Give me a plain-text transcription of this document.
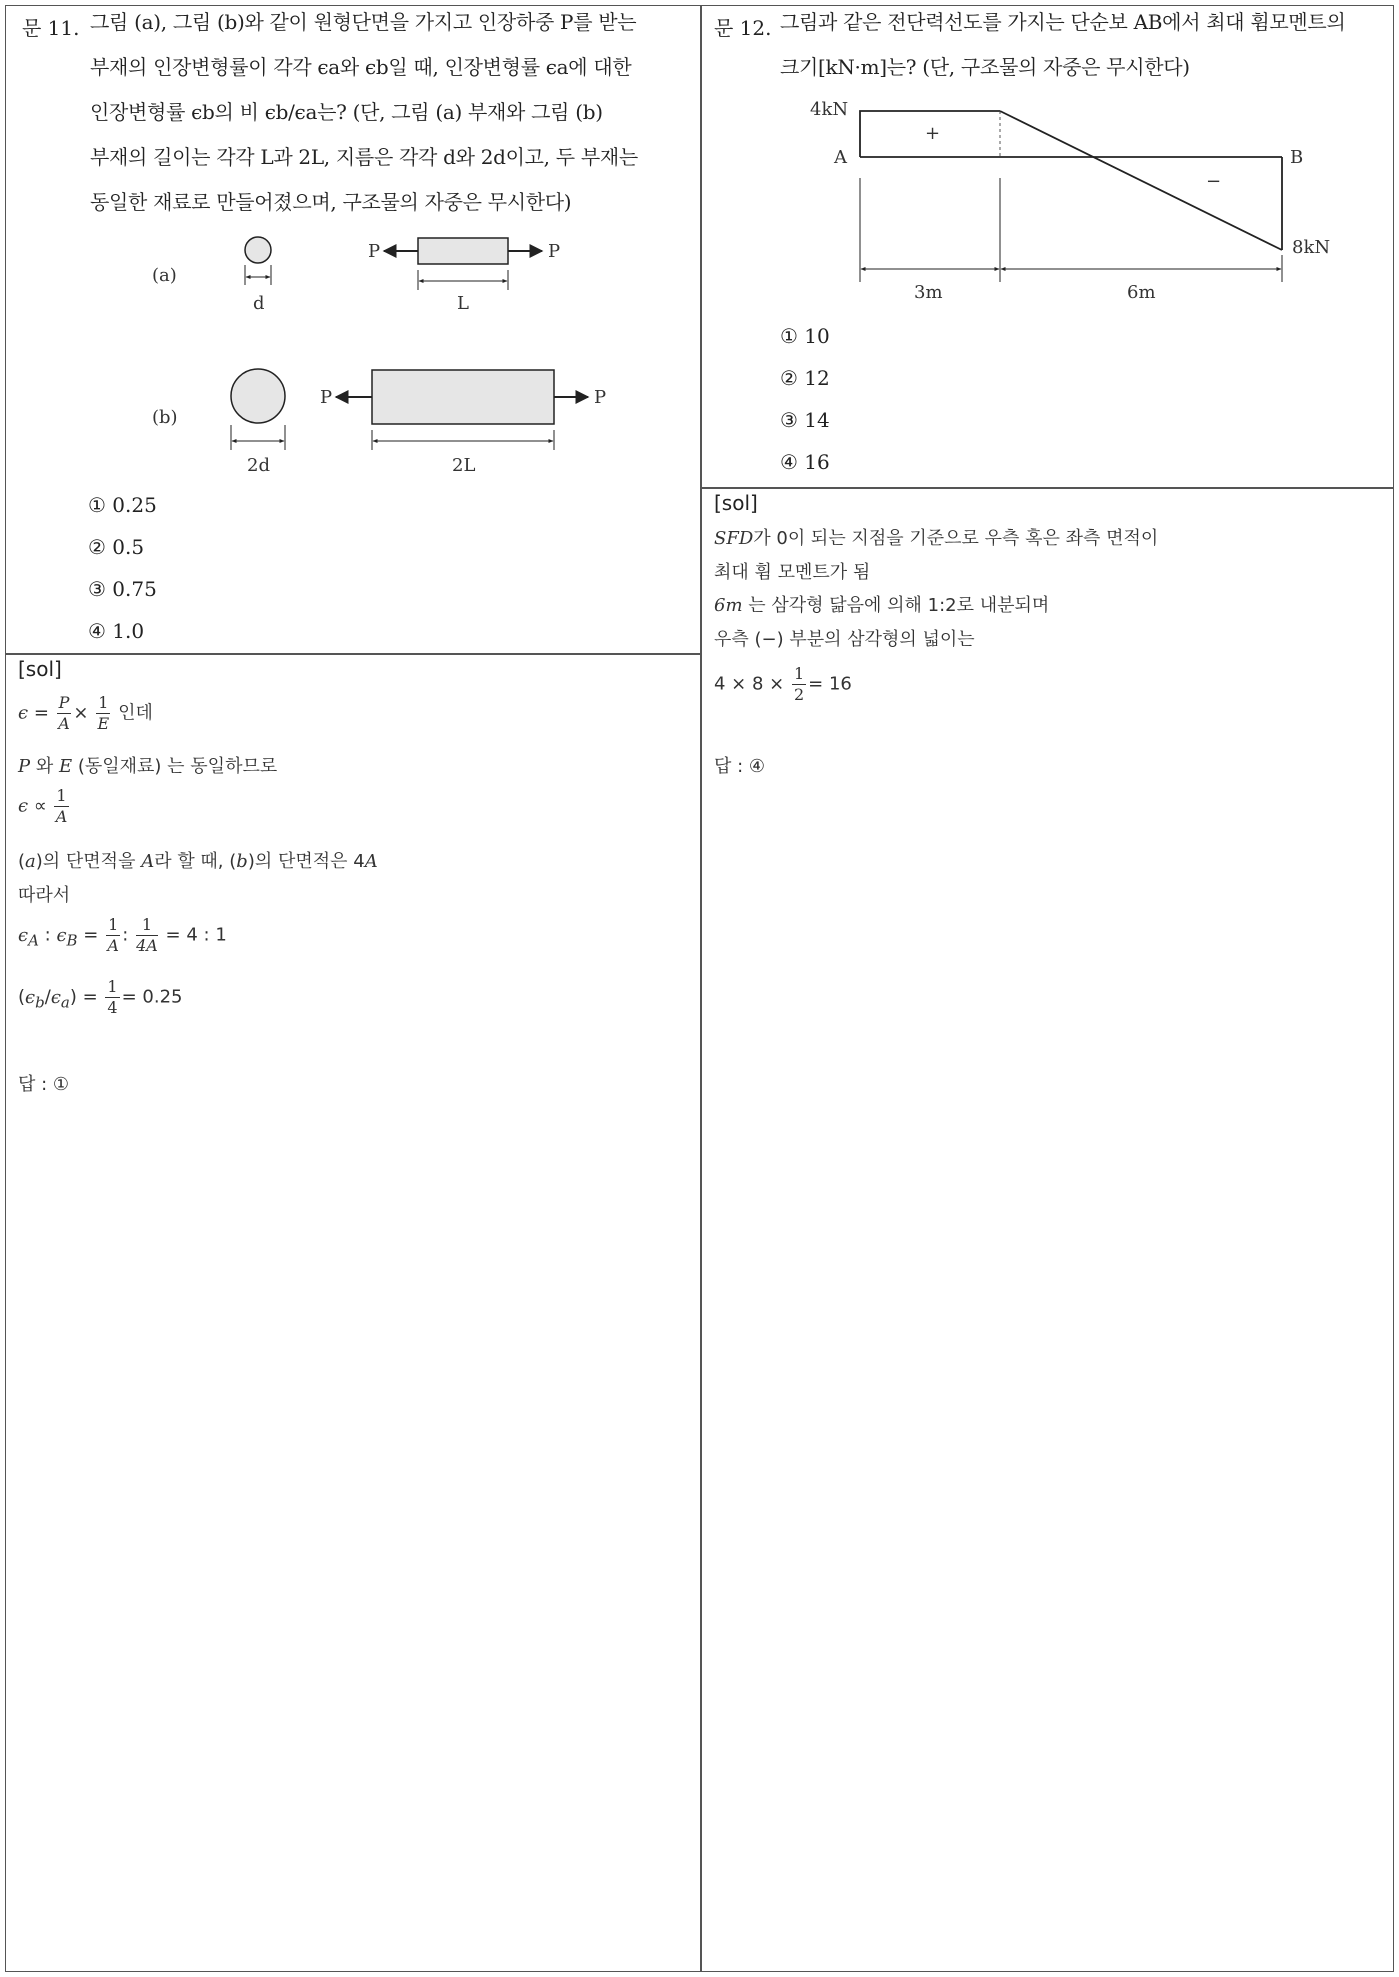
문 11. 그림 (a), 그림 (b)와 같이 원형단면을 가지고 인장하중 P를 받는
부재의 인장변형률이 각각 ϵa와 ϵb일 때, 인장변형률 ϵa에 대한
인장변형률 ϵb의 비 ϵb/ϵa는? (단, 그림 (a) 부재와 그림 (b)
부재의 길이는 각각 L과 2L, 지름은 각각 d와 2d이고, 두 부재는
동일한 재료로 만들어졌으며, 구조물의 자중은 무시한다)
(a)
d
P	P
L
(b)
2d
P	P
2L
① 0.25
② 0.5
③ 0.75
④ 1.0
[sol]
$\epsilon = \frac{P}{A} \times \frac{1}{E}$ 인데
P 와 E (동일재료) 는 동일하므로
$\epsilon \propto \frac{1}{A}$
(a)의 단면적을 A라 할 때, (b)의 단면적은 4A
따라서
$\epsilon_A$ : $\epsilon_B = \frac{1}{A}$ : $\frac{1}{4A} = 4$ : 1
$(\epsilon_b/\epsilon_a) = \frac{1}{4} = 0.25$
답 : ①
문 12. 그림과 같은 전단력선도를 가지는 단순보 AB에서 최대 휨모멘트의
크기[kN·m]는? (단, 구조물의 자중은 무시한다)
4kN
A	B
8kN
+
−
3m	6m
① 10
② 12
③ 14
④ 16
[sol]
SFD가 0이 되는 지점을 기준으로 우측 혹은 좌측 면적이
최대 휨 모멘트가 됨
6m 는 삼각형 닮음에 의해 1:2로 내분되며
우측 (−) 부분의 삼각형의 넓이는
$4 \times 8 \times \frac{1}{2} = 16$
답 : ④
